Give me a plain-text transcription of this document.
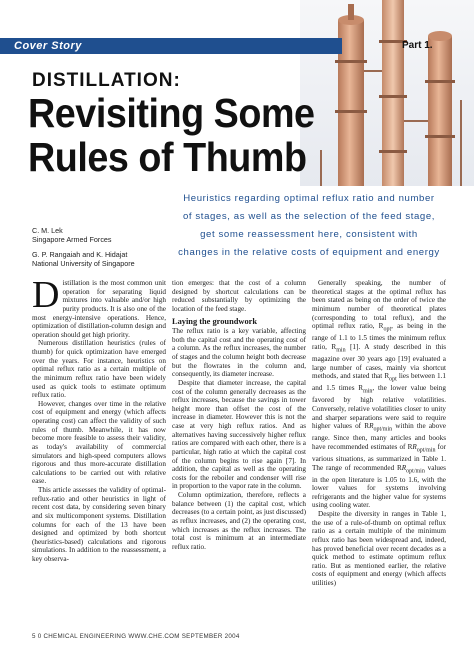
Cover Story	Part 1.
DISTILLATION:
Revisiting Some
Rules of Thumb
Heuristics regarding optimal reflux ratio and number
of stages, as well as the selection of the feed stage,
get some reassessment here, consistent with
changes in the relative costs of equipment and energy
C. M. Lek
Singapore Armed Forces
G. P. Rangaiah and K. Hidajat
National University of Singapore

Distillation is the most common unit operation for separating liquid mixtures into valuable and/or high purity products. It is also one of the most energy-intensive operations. Hence, optimization of distillation-column design and operation should get high priority.

Numerous distillation heuristics (rules of thumb) for quick optimization have emerged over the years. For instance, heuristics on optimal reflux ratio as a certain multiple of the minimum reflux ratio have been widely used as quick tools to estimate optimum reflux ratio.

However, changes over time in the relative cost of equipment and energy (which affects operating cost) can affect the validity of such rules of thumb. Meanwhile, it has now become more feasible to assess their validity, as today's availability of commercial simulators and high-speed computers allows rigorous and thus more-accurate distillation calculations to be carried out with relative ease.

This article assesses the validity of optimal-reflux-ratio and other heuristics in light of recent cost data, by considering seven binary and six multicomponent systems. Distillation columns for each of the 13 have been designed and optimized by both shortcut (heuristics-based) calculations and rigorous simulations. In addition to the reassessment, a key observa-

tion emerges: that the cost of a column designed by shortcut calculations can be reduced substantially by optimizing the location of the feed stage.

Laying the groundwork

The reflux ratio is a key variable, affecting both the capital cost and the operating cost of a column. As the reflux increases, the number of stages and the column height both decrease but the flowrates in the column and, consequently, its diameter increase.

Despite that diameter increase, the capital cost of the column generally decreases as the reflux increases, because the savings in tower height more than offset the cost of the increase in diameter. However this is not the case at very high reflux ratios. And as alternatives having successively higher reflux ratios are compared with each other, there is a particular, high ratio at which the capital cost of the column begins to rise again [7]. In addition, the capital as well as the operating costs for the reboiler and condenser will rise in proportion to the vapor rate in the column.

Column optimization, therefore, reflects a balance between (1) the capital cost, which decreases (to a certain point, as just discussed) as reflux increases, and (2) the operating cost, which increases as the reflux increases. The total cost is minimum at an intermediate reflux ratio.

Generally speaking, the number of theoretical stages at the optimal reflux has been stated as being on the order of twice the minimum number of theoretical plates (corresponding to total reflux), and the optimal reflux ratio, $R_{opt}$, as being in the range of 1.1 to 1.5 times the minimum reflux ratio, $R_{min}$ [1]. A study described in this magazine over 30 years ago [19] evaluated a large number of cases, mainly via shortcut methods, and stated that $R_{opt}$ lies between 1.1 and 1.5 times $R_{min}$, the lower value being favored by high relative volatilities. Conversely, relative volatilities closer to unity and sharper separations were said to require higher values of $RR_{opt/min}$ within the above range. Since then, many articles and books have recommended estimates of $RR_{opt/min}$ for various situations, as summarized in Table 1. The range of recommended $RR_{opt/min}$ values in the open literature is 1.05 to 1.6, with the lower values for systems involving refrigerants and the higher value for systems using cooling water.

Despite the diversity in ranges in Table 1, the use of a rule-of-thumb on optimal reflux ratio as a certain multiple of the minimum reflux ratio has been widespread and, indeed, has proved beneficial over recent decades as a quick method to estimate optimum reflux ratio. But as mentioned earlier, the relative costs of equipment and energy (which affects utilities)

5 0 CHEMICAL ENGINEERING WWW.CHE.COM SEPTEMBER 2004
